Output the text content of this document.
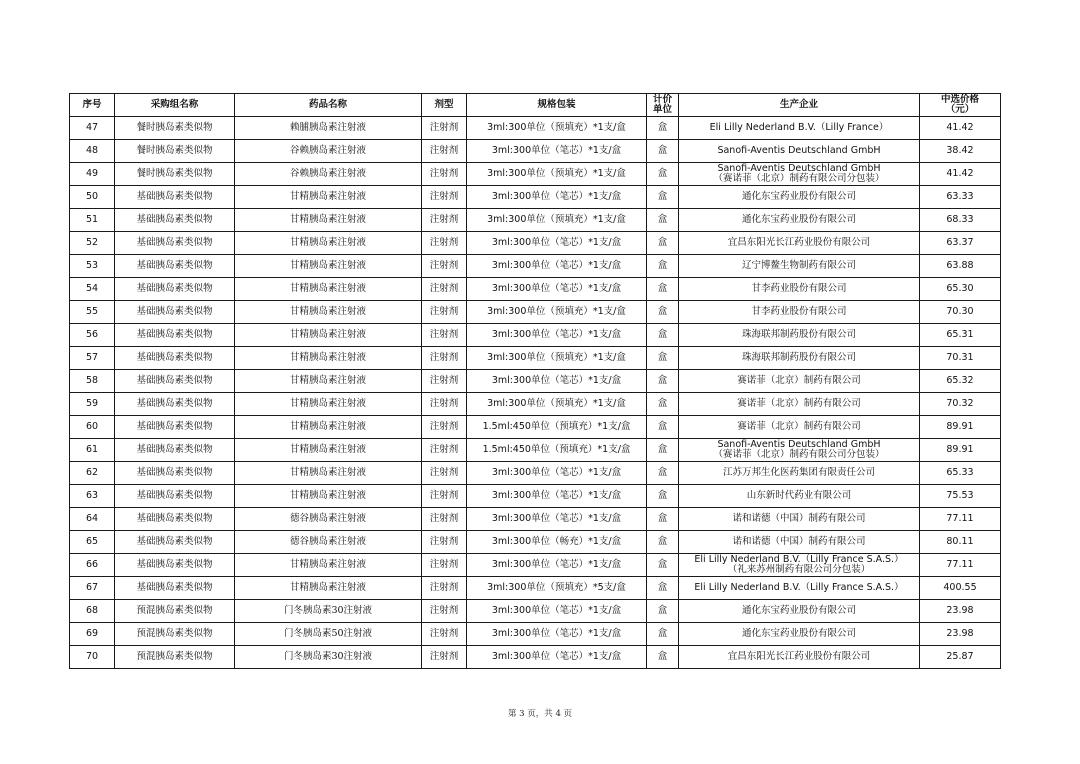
序号	采购组名称	药品名称	剂型	规格包装	计价
单位	生产企业	中选价格
（元）

47	餐时胰岛素类似物	赖脯胰岛素注射液	注射剂	3ml:300单位（预填充）*1支/盒	盒	Eli Lilly Nederland B.V.（Lilly France）	41.42
48	餐时胰岛素类似物	谷赖胰岛素注射液	注射剂	3ml:300单位（笔芯）*1支/盒	盒	Sanofi-Aventis Deutschland GmbH	38.42
49	餐时胰岛素类似物	谷赖胰岛素注射液	注射剂	3ml:300单位（预填充）*1支/盒	盒	Sanofi-Aventis Deutschland GmbH
（赛诺菲（北京）制药有限公司分包装）	41.42
50	基础胰岛素类似物	甘精胰岛素注射液	注射剂	3ml:300单位（笔芯）*1支/盒	盒	通化东宝药业股份有限公司	63.33
51	基础胰岛素类似物	甘精胰岛素注射液	注射剂	3ml:300单位（预填充）*1支/盒	盒	通化东宝药业股份有限公司	68.33
52	基础胰岛素类似物	甘精胰岛素注射液	注射剂	3ml:300单位（笔芯）*1支/盒	盒	宜昌东阳光长江药业股份有限公司	63.37
53	基础胰岛素类似物	甘精胰岛素注射液	注射剂	3ml:300单位（笔芯）*1支/盒	盒	辽宁博鳌生物制药有限公司	63.88
54	基础胰岛素类似物	甘精胰岛素注射液	注射剂	3ml:300单位（笔芯）*1支/盒	盒	甘李药业股份有限公司	65.30
55	基础胰岛素类似物	甘精胰岛素注射液	注射剂	3ml:300单位（预填充）*1支/盒	盒	甘李药业股份有限公司	70.30
56	基础胰岛素类似物	甘精胰岛素注射液	注射剂	3ml:300单位（笔芯）*1支/盒	盒	珠海联邦制药股份有限公司	65.31
57	基础胰岛素类似物	甘精胰岛素注射液	注射剂	3ml:300单位（预填充）*1支/盒	盒	珠海联邦制药股份有限公司	70.31
58	基础胰岛素类似物	甘精胰岛素注射液	注射剂	3ml:300单位（笔芯）*1支/盒	盒	赛诺菲（北京）制药有限公司	65.32
59	基础胰岛素类似物	甘精胰岛素注射液	注射剂	3ml:300单位（预填充）*1支/盒	盒	赛诺菲（北京）制药有限公司	70.32
60	基础胰岛素类似物	甘精胰岛素注射液	注射剂	1.5ml:450单位（预填充）*1支/盒	盒	赛诺菲（北京）制药有限公司	89.91
61	基础胰岛素类似物	甘精胰岛素注射液	注射剂	1.5ml:450单位（预填充）*1支/盒	盒	Sanofi-Aventis Deutschland GmbH
（赛诺菲（北京）制药有限公司分包装）	89.91
62	基础胰岛素类似物	甘精胰岛素注射液	注射剂	3ml:300单位（笔芯）*1支/盒	盒	江苏万邦生化医药集团有限责任公司	65.33
63	基础胰岛素类似物	甘精胰岛素注射液	注射剂	3ml:300单位（笔芯）*1支/盒	盒	山东新时代药业有限公司	75.53
64	基础胰岛素类似物	德谷胰岛素注射液	注射剂	3ml:300单位（笔芯）*1支/盒	盒	诺和诺德（中国）制药有限公司	77.11
65	基础胰岛素类似物	德谷胰岛素注射液	注射剂	3ml:300单位（畅充）*1支/盒	盒	诺和诺德（中国）制药有限公司	80.11
66	基础胰岛素类似物	甘精胰岛素注射液	注射剂	3ml:300单位（笔芯）*1支/盒	盒	Eli Lilly Nederland B.V.（Lilly France S.A.S.）
（礼来苏州制药有限公司分包装）	77.11
67	基础胰岛素类似物	甘精胰岛素注射液	注射剂	3ml:300单位（预填充）*5支/盒	盒	Eli Lilly Nederland B.V.（Lilly France S.A.S.）	400.55
68	预混胰岛素类似物	门冬胰岛素30注射液	注射剂	3ml:300单位（笔芯）*1支/盒	盒	通化东宝药业股份有限公司	23.98
69	预混胰岛素类似物	门冬胰岛素50注射液	注射剂	3ml:300单位（笔芯）*1支/盒	盒	通化东宝药业股份有限公司	23.98
70	预混胰岛素类似物	门冬胰岛素30注射液	注射剂	3ml:300单位（笔芯）*1支/盒	盒	宜昌东阳光长江药业股份有限公司	25.87
第 3 页，共 4 页
